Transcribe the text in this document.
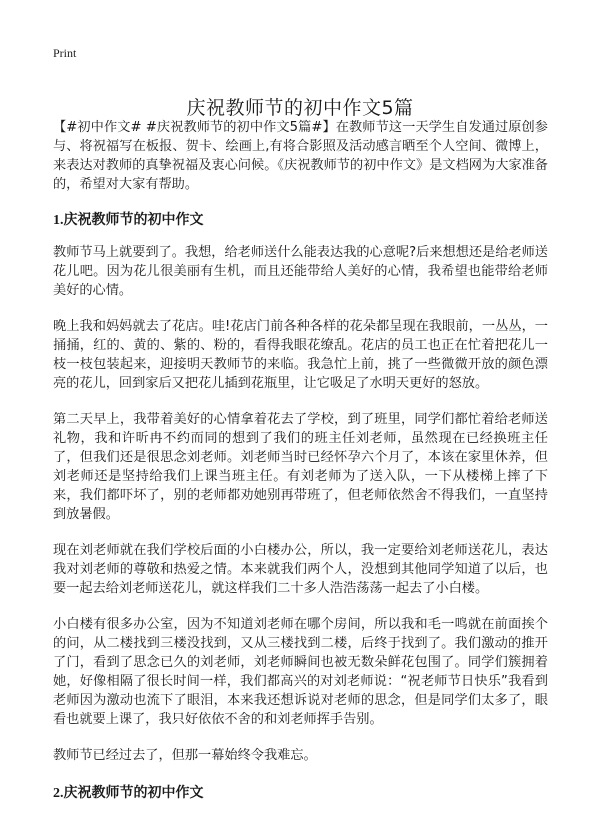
Print
庆祝教师节的初中作文5篇

【#初中作文# #庆祝教师节的初中作文5篇#】在教师节这一天学生自发通过原创参与、将祝福写在板报、贺卡、绘画上,有将合影照及活动感言晒至个人空间、微博上，来表达对教师的真挚祝福及衷心问候。《庆祝教师节的初中作文》是文档网为大家准备的，希望对大家有帮助。

1.庆祝教师节的初中作文

教师节马上就要到了。我想，给老师送什么能表达我的心意呢?后来想想还是给老师送花儿吧。因为花儿很美丽有生机，而且还能带给人美好的心情，我希望也能带给老师美好的心情。

晚上我和妈妈就去了花店。哇!花店门前各种各样的花朵都呈现在我眼前，一丛丛，一捅捅，红的、黄的、紫的、粉的，看得我眼花缭乱。花店的员工也正在忙着把花儿一枝一枝包装起来，迎接明天教师节的来临。我急忙上前，挑了一些微微开放的颜色漂亮的花儿，回到家后又把花儿插到花瓶里，让它吸足了水明天更好的怒放。

第二天早上，我带着美好的心情拿着花去了学校，到了班里，同学们都忙着给老师送礼物，我和许昕冉不约而同的想到了我们的班主任刘老师，虽然现在已经换班主任了，但我们还是很思念刘老师。刘老师当时已经怀孕六个月了，本该在家里休养，但刘老师还是坚持给我们上课当班主任。有刘老师为了送入队，一下从楼梯上摔了下来，我们都吓坏了，别的老师都劝她别再带班了，但老师依然舍不得我们，一直坚持到放暑假。

现在刘老师就在我们学校后面的小白楼办公，所以，我一定要给刘老师送花儿，表达我对刘老师的尊敬和热爱之情。本来就我们两个人，没想到其他同学知道了以后，也要一起去给刘老师送花儿，就这样我们二十多人浩浩荡荡一起去了小白楼。

小白楼有很多办公室，因为不知道刘老师在哪个房间，所以我和毛一鸣就在前面挨个的问，从二楼找到三楼没找到，又从三楼找到二楼，后终于找到了。我们激动的推开了门，看到了思念已久的刘老师，刘老师瞬间也被无数朵鲜花包围了。同学们簇拥着她，好像相隔了很长时间一样，我们都高兴的对刘老师说：“祝老师节日快乐”我看到老师因为激动也流下了眼泪，本来我还想诉说对老师的思念，但是同学们太多了，眼看也就要上课了，我只好依依不舍的和刘老师挥手告别。

教师节已经过去了，但那一幕始终令我难忘。

2.庆祝教师节的初中作文
